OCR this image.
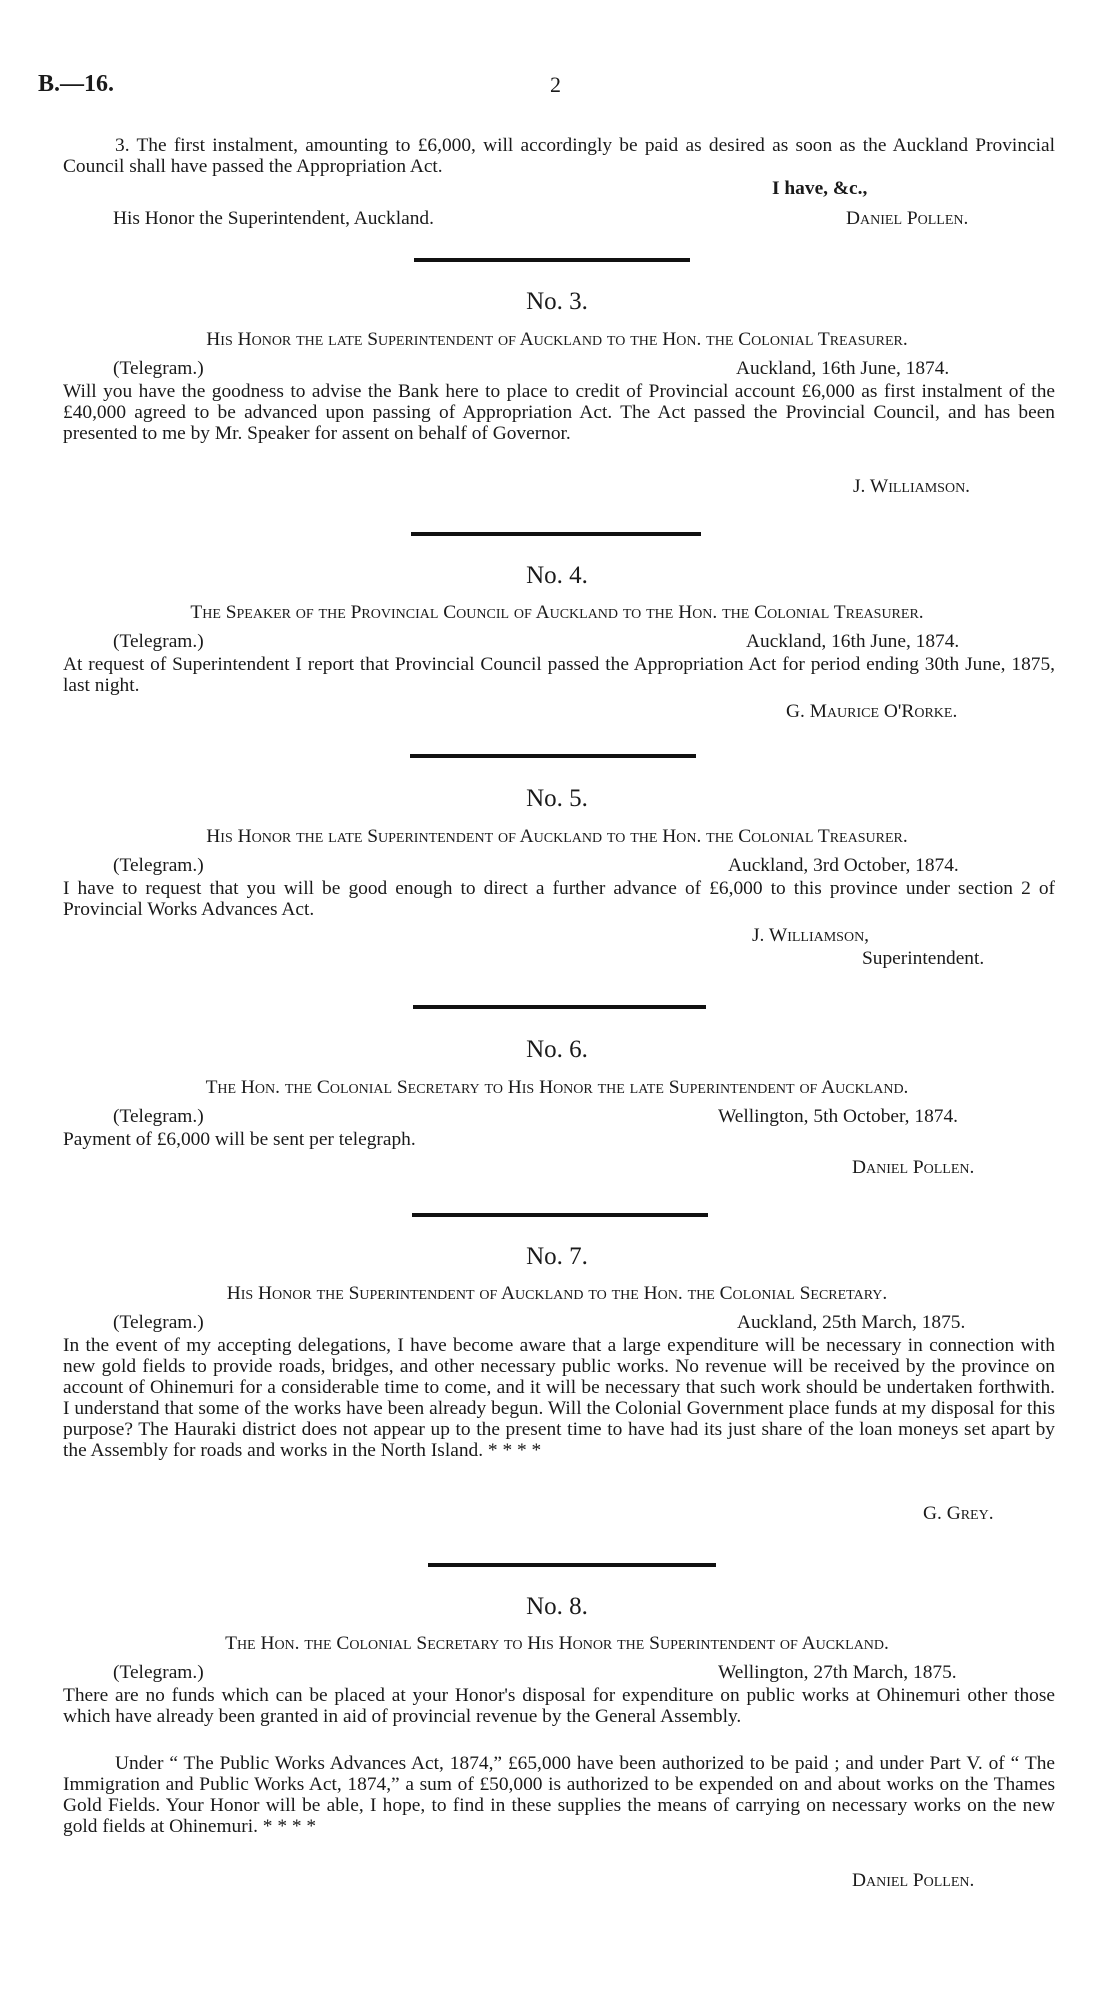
B.—16.	2
3. The first instalment, amounting to £6,000, will accordingly be paid as desired as soon as the Auckland Provincial Council shall have passed the Appropriation Act.
I have, &c.,
His Honor the Superintendent, Auckland.	Daniel Pollen.
No. 3.
His Honor the late Superintendent of Auckland to the Hon. the Colonial Treasurer.
(Telegram.)	Auckland, 16th June, 1874.
Will you have the goodness to advise the Bank here to place to credit of Provincial account £6,000 as first instalment of the £40,000 agreed to be advanced upon passing of Appropriation Act. The Act passed the Provincial Council, and has been presented to me by Mr. Speaker for assent on behalf of Governor.
J. Williamson.
No. 4.
The Speaker of the Provincial Council of Auckland to the Hon. the Colonial Treasurer.
(Telegram.)	Auckland, 16th June, 1874.
At request of Superintendent I report that Provincial Council passed the Appropriation Act for period ending 30th June, 1875, last night.
G. Maurice O'Rorke.
No. 5.
His Honor the late Superintendent of Auckland to the Hon. the Colonial Treasurer.
(Telegram.)	Auckland, 3rd October, 1874.
I have to request that you will be good enough to direct a further advance of £6,000 to this province under section 2 of Provincial Works Advances Act.
J. Williamson,
Superintendent.
No. 6.
The Hon. the Colonial Secretary to His Honor the late Superintendent of Auckland.
(Telegram.)	Wellington, 5th October, 1874.
Payment of £6,000 will be sent per telegraph.
Daniel Pollen.
No. 7.
His Honor the Superintendent of Auckland to the Hon. the Colonial Secretary.
(Telegram.)	Auckland, 25th March, 1875.
In the event of my accepting delegations, I have become aware that a large expenditure will be necessary in connection with new gold fields to provide roads, bridges, and other necessary public works. No revenue will be received by the province on account of Ohinemuri for a considerable time to come, and it will be necessary that such work should be undertaken forthwith. I understand that some of the works have been already begun. Will the Colonial Government place funds at my disposal for this purpose? The Hauraki district does not appear up to the present time to have had its just share of the loan moneys set apart by the Assembly for roads and works in the North Island. * * * *
G. Grey.
No. 8.
The Hon. the Colonial Secretary to His Honor the Superintendent of Auckland.
(Telegram.)	Wellington, 27th March, 1875.
There are no funds which can be placed at your Honor's disposal for expenditure on public works at Ohinemuri other those which have already been granted in aid of provincial revenue by the General Assembly.
Under “ The Public Works Advances Act, 1874,” £65,000 have been authorized to be paid ; and under Part V. of “ The Immigration and Public Works Act, 1874,” a sum of £50,000 is authorized to be expended on and about works on the Thames Gold Fields. Your Honor will be able, I hope, to find in these supplies the means of carrying on necessary works on the new gold fields at Ohinemuri. * * * *
Daniel Pollen.
